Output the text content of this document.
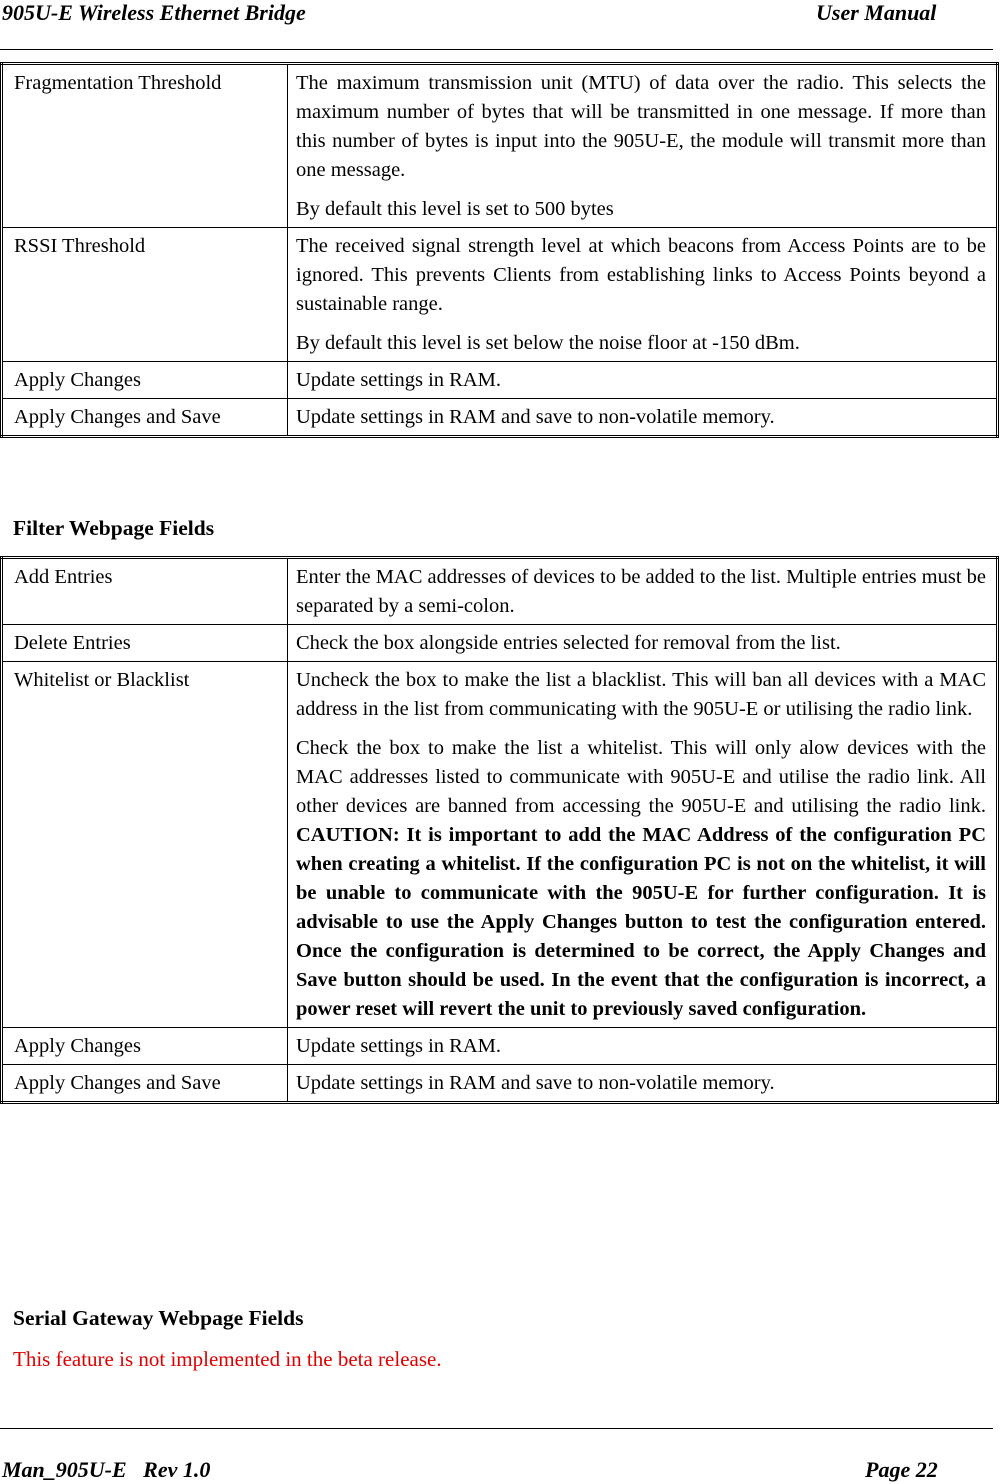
905U-E Wireless Ethernet Bridge	User Manual
Fragmentation Threshold	The maximum transmission unit (MTU) of data over the radio. This selects the maximum number of bytes that will be transmitted in one message. If more than this number of bytes is input into the 905U-E, the module will transmit more than one message.

By default this level is set to 500 bytes

RSSI Threshold	The received signal strength level at which beacons from Access Points are to be ignored. This prevents Clients from establishing links to Access Points beyond a sustainable range.

By default this level is set below the noise floor at -150 dBm.

Apply Changes	Update settings in RAM.

Apply Changes and Save	Update settings in RAM and save to non-volatile memory.

Filter Webpage Fields
Add Entries	Enter the MAC addresses of devices to be added to the list. Multiple entries must be separated by a semi-colon.

Delete Entries	Check the box alongside entries selected for removal from the list.

Whitelist or Blacklist	Uncheck the box to make the list a blacklist. This will ban all devices with a MAC address in the list from communicating with the 905U-E or utilising the radio link.

Check the box to make the list a whitelist. This will only alow devices with the MAC addresses listed to communicate with 905U-E and utilise the radio link. All other devices are banned from accessing the 905U-E and utilising the radio link. CAUTION: It is important to add the MAC Address of the configuration PC when creating a whitelist. If the configuration PC is not on the whitelist, it will be unable to communicate with the 905U-E for further configuration. It is advisable to use the Apply Changes button to test the configuration entered. Once the configuration is determined to be correct, the Apply Changes and Save button should be used. In the event that the configuration is incorrect, a power reset will revert the unit to previously saved configuration.

Apply Changes	Update settings in RAM.

Apply Changes and Save	Update settings in RAM and save to non-volatile memory.

Serial Gateway Webpage Fields
This feature is not implemented in the beta release.
Man_905U-E   Rev 1.0	Page 22
